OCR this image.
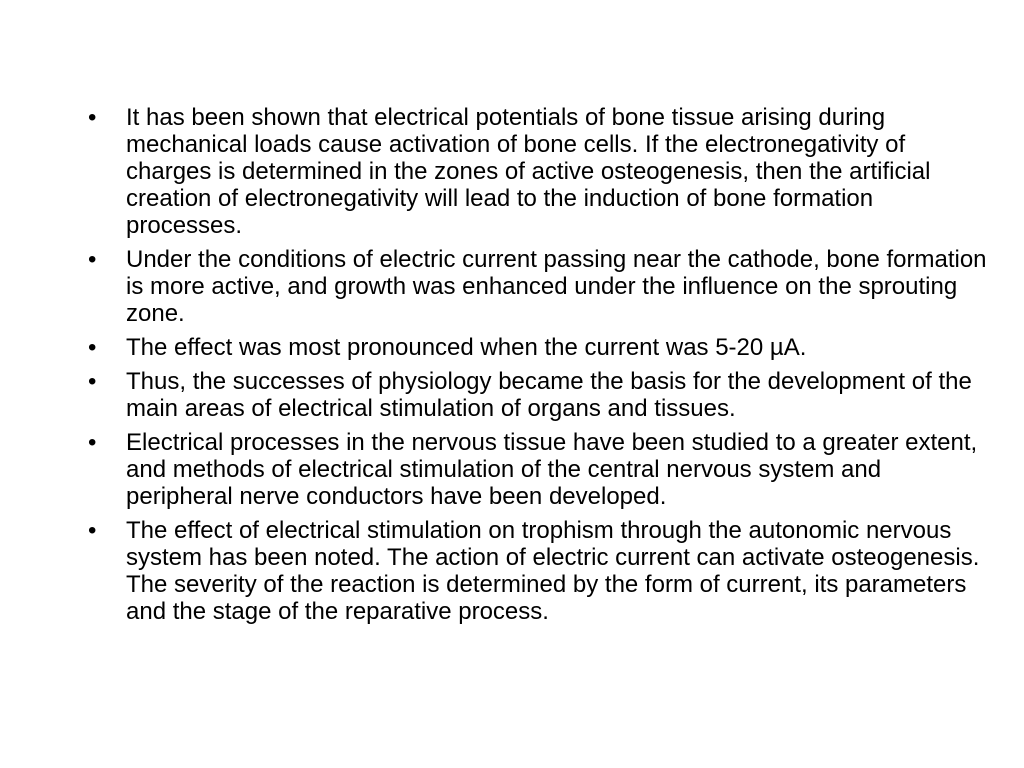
•	It has been shown that electrical potentials of bone tissue arising during mechanical loads cause activation of bone cells. If the electronegativity of charges is determined in the zones of active osteogenesis, then the artificial creation of electronegativity will lead to the induction of bone formation processes.
•	Under the conditions of electric current passing near the cathode, bone formation is more active, and growth was enhanced under the influence on the sprouting zone.
•	The effect was most pronounced when the current was 5-20 µA.
•	Thus, the successes of physiology became the basis for the development of the main areas of electrical stimulation of organs and tissues.
•	Electrical processes in the nervous tissue have been studied to a greater extent, and methods of electrical stimulation of the central nervous system and peripheral nerve conductors have been developed.
•	The effect of electrical stimulation on trophism through the autonomic nervous system has been noted. The action of electric current can activate osteogenesis. The severity of the reaction is determined by the form of current, its parameters and the stage of the reparative process.
